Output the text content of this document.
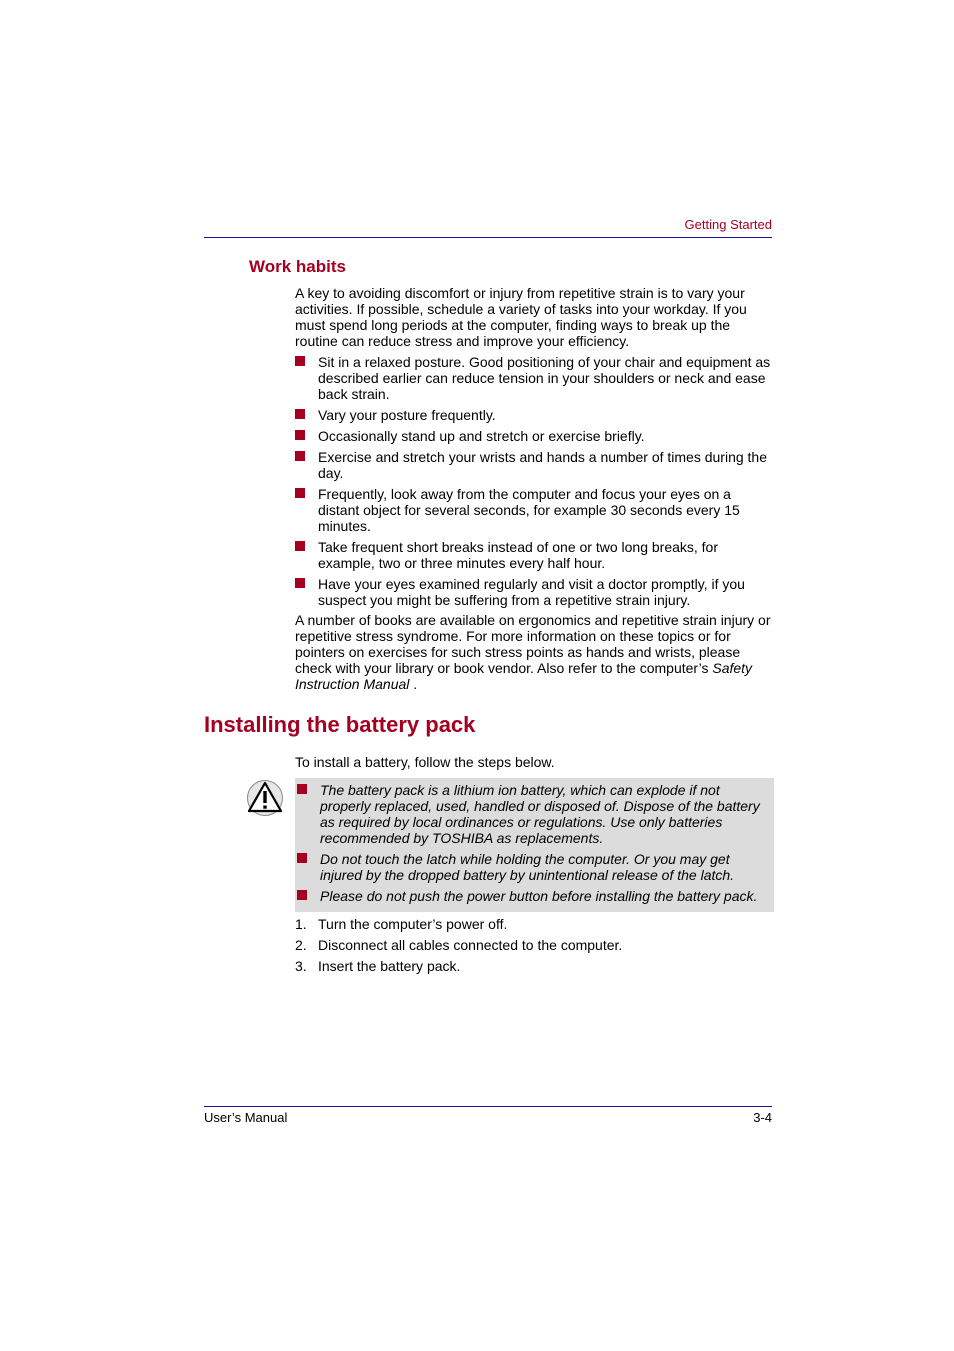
Getting Started
Work habits

A key to avoiding discomfort or injury from repetitive strain is to vary your activities. If possible, schedule a variety of tasks into your workday. If you must spend long periods at the computer, finding ways to break up the routine can reduce stress and improve your efficiency.

Sit in a relaxed posture. Good positioning of your chair and equipment as described earlier can reduce tension in your shoulders or neck and ease back strain.
Vary your posture frequently.
Occasionally stand up and stretch or exercise briefly.
Exercise and stretch your wrists and hands a number of times during the day.
Frequently, look away from the computer and focus your eyes on a distant object for several seconds, for example 30 seconds every 15 minutes.
Take frequent short breaks instead of one or two long breaks, for example, two or three minutes every half hour.
Have your eyes examined regularly and visit a doctor promptly, if you suspect you might be suffering from a repetitive strain injury.

A number of books are available on ergonomics and repetitive strain injury or repetitive stress syndrome. For more information on these topics or for pointers on exercises for such stress points as hands and wrists, please check with your library or book vendor. Also refer to the computer’s Safety Instruction Manual .

Installing the battery pack

To install a battery, follow the steps below.

The battery pack is a lithium ion battery, which can explode if not properly replaced, used, handled or disposed of. Dispose of the battery as required by local ordinances or regulations. Use only batteries recommended by TOSHIBA as replacements.
Do not touch the latch while holding the computer. Or you may get injured by the dropped battery by unintentional release of the latch.
Please do not push the power button before installing the battery pack.
1. Turn the computer’s power off.
2. Disconnect all cables connected to the computer.
3. Insert the battery pack.
User’s Manual	3-4
